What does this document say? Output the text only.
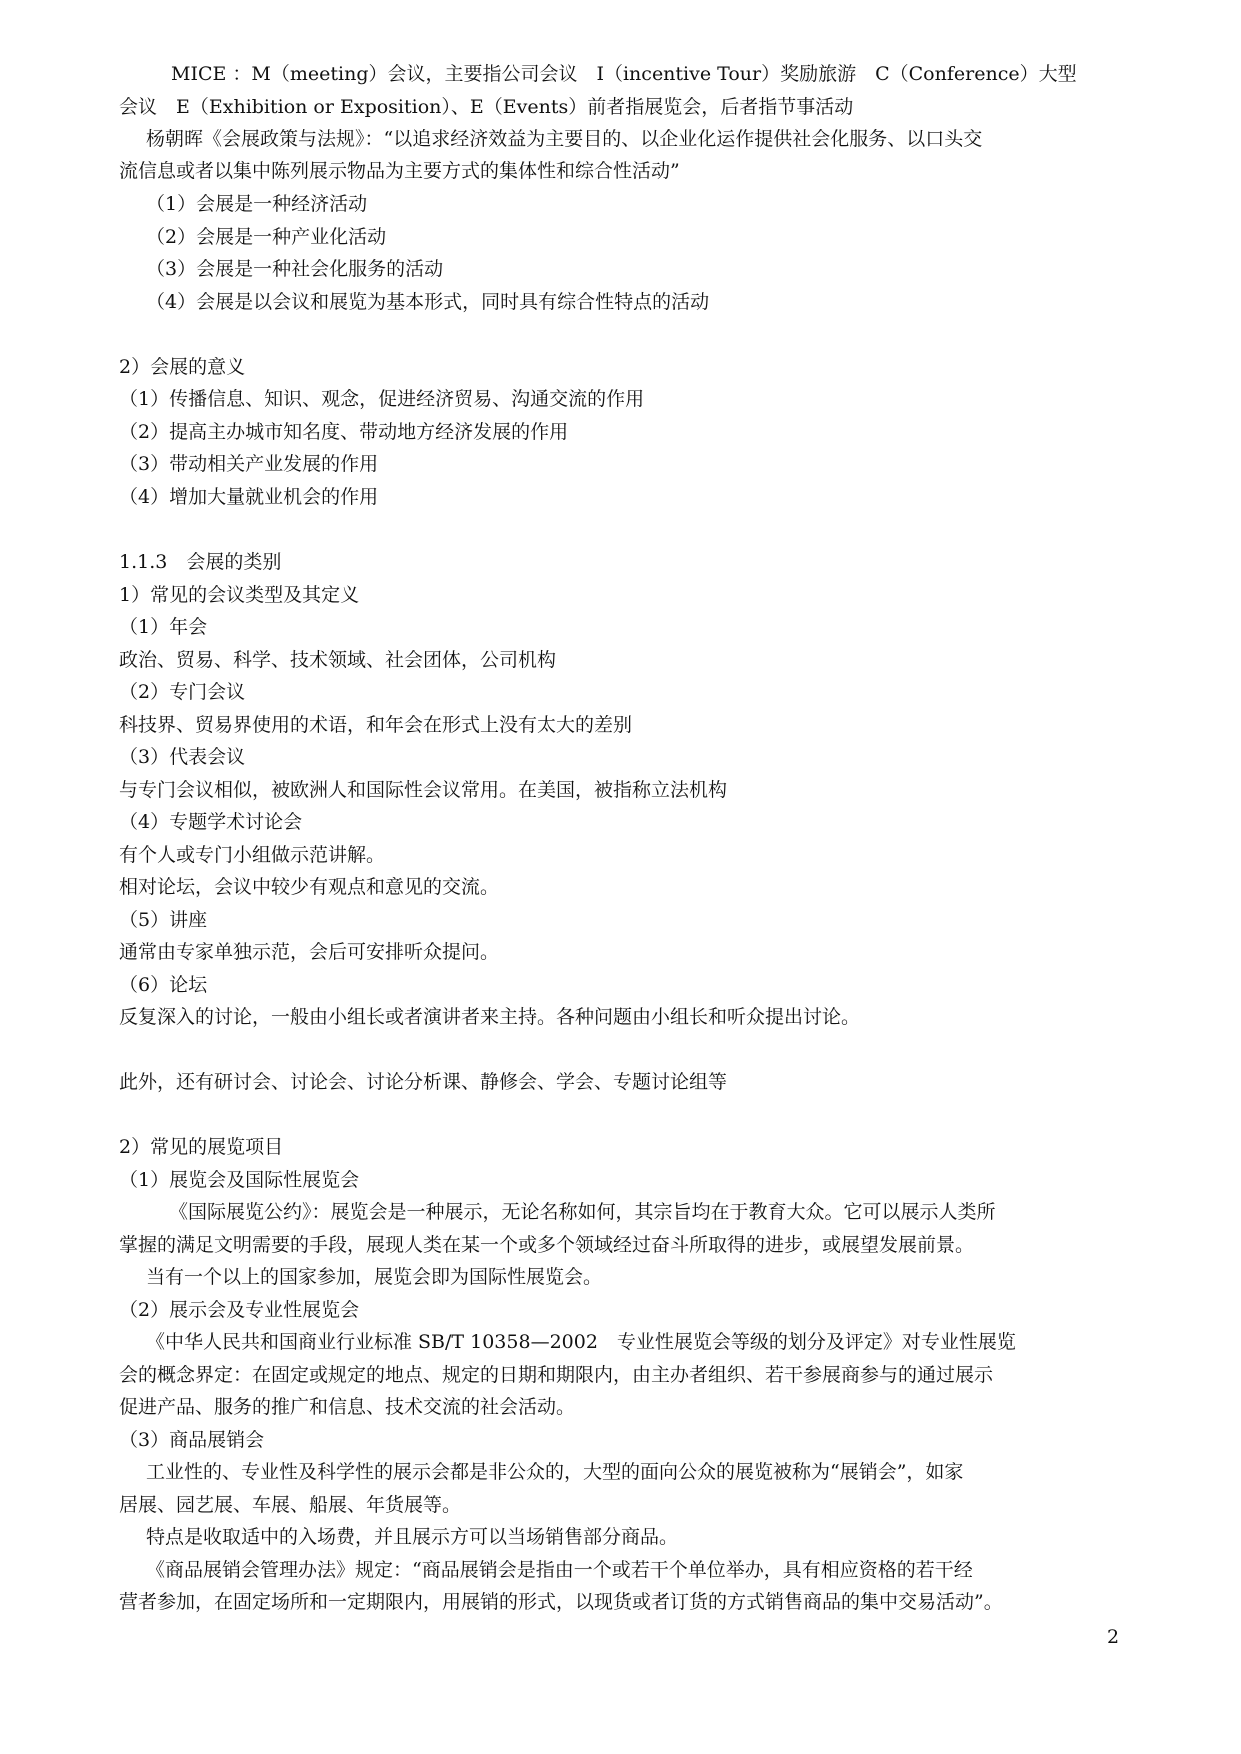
MICE ：M（meeting）会议，主要指公司会议　I（incentive Tour）奖励旅游　C（Conference）大型
会议　E（Exhibition or Exposition）、E（Events）前者指展览会，后者指节事活动
杨朝晖《会展政策与法规》：“以追求经济效益为主要目的、以企业化运作提供社会化服务、以口头交
流信息或者以集中陈列展示物品为主要方式的集体性和综合性活动”
（1）会展是一种经济活动
（2）会展是一种产业化活动
（3）会展是一种社会化服务的活动
（4）会展是以会议和展览为基本形式，同时具有综合性特点的活动
2）会展的意义
（1）传播信息、知识、观念，促进经济贸易、沟通交流的作用
（2）提高主办城市知名度、带动地方经济发展的作用
（3）带动相关产业发展的作用
（4）增加大量就业机会的作用
1.1.3　会展的类别
1）常见的会议类型及其定义
（1）年会
政治、贸易、科学、技术领域、社会团体，公司机构
（2）专门会议
科技界、贸易界使用的术语，和年会在形式上没有太大的差别
（3）代表会议
与专门会议相似，被欧洲人和国际性会议常用。在美国，被指称立法机构
（4）专题学术讨论会
有个人或专门小组做示范讲解。
相对论坛，会议中较少有观点和意见的交流。
（5）讲座
通常由专家单独示范，会后可安排听众提问。
（6）论坛
反复深入的讨论，一般由小组长或者演讲者来主持。各种问题由小组长和听众提出讨论。
此外，还有研讨会、讨论会、讨论分析课、静修会、学会、专题讨论组等
2）常见的展览项目
（1）展览会及国际性展览会
《国际展览公约》：展览会是一种展示，无论名称如何，其宗旨均在于教育大众。它可以展示人类所
掌握的满足文明需要的手段，展现人类在某一个或多个领域经过奋斗所取得的进步，或展望发展前景。
当有一个以上的国家参加，展览会即为国际性展览会。
（2）展示会及专业性展览会
《中华人民共和国商业行业标准 SB/T 10358—2002　专业性展览会等级的划分及评定》对专业性展览
会的概念界定：在固定或规定的地点、规定的日期和期限内，由主办者组织、若干参展商参与的通过展示
促进产品、服务的推广和信息、技术交流的社会活动。
（3）商品展销会
工业性的、专业性及科学性的展示会都是非公众的，大型的面向公众的展览被称为“展销会”，如家
居展、园艺展、车展、船展、年货展等。
特点是收取适中的入场费，并且展示方可以当场销售部分商品。
《商品展销会管理办法》规定：“商品展销会是指由一个或若干个单位举办，具有相应资格的若干经
营者参加，在固定场所和一定期限内，用展销的形式，以现货或者订货的方式销售商品的集中交易活动”。
2
